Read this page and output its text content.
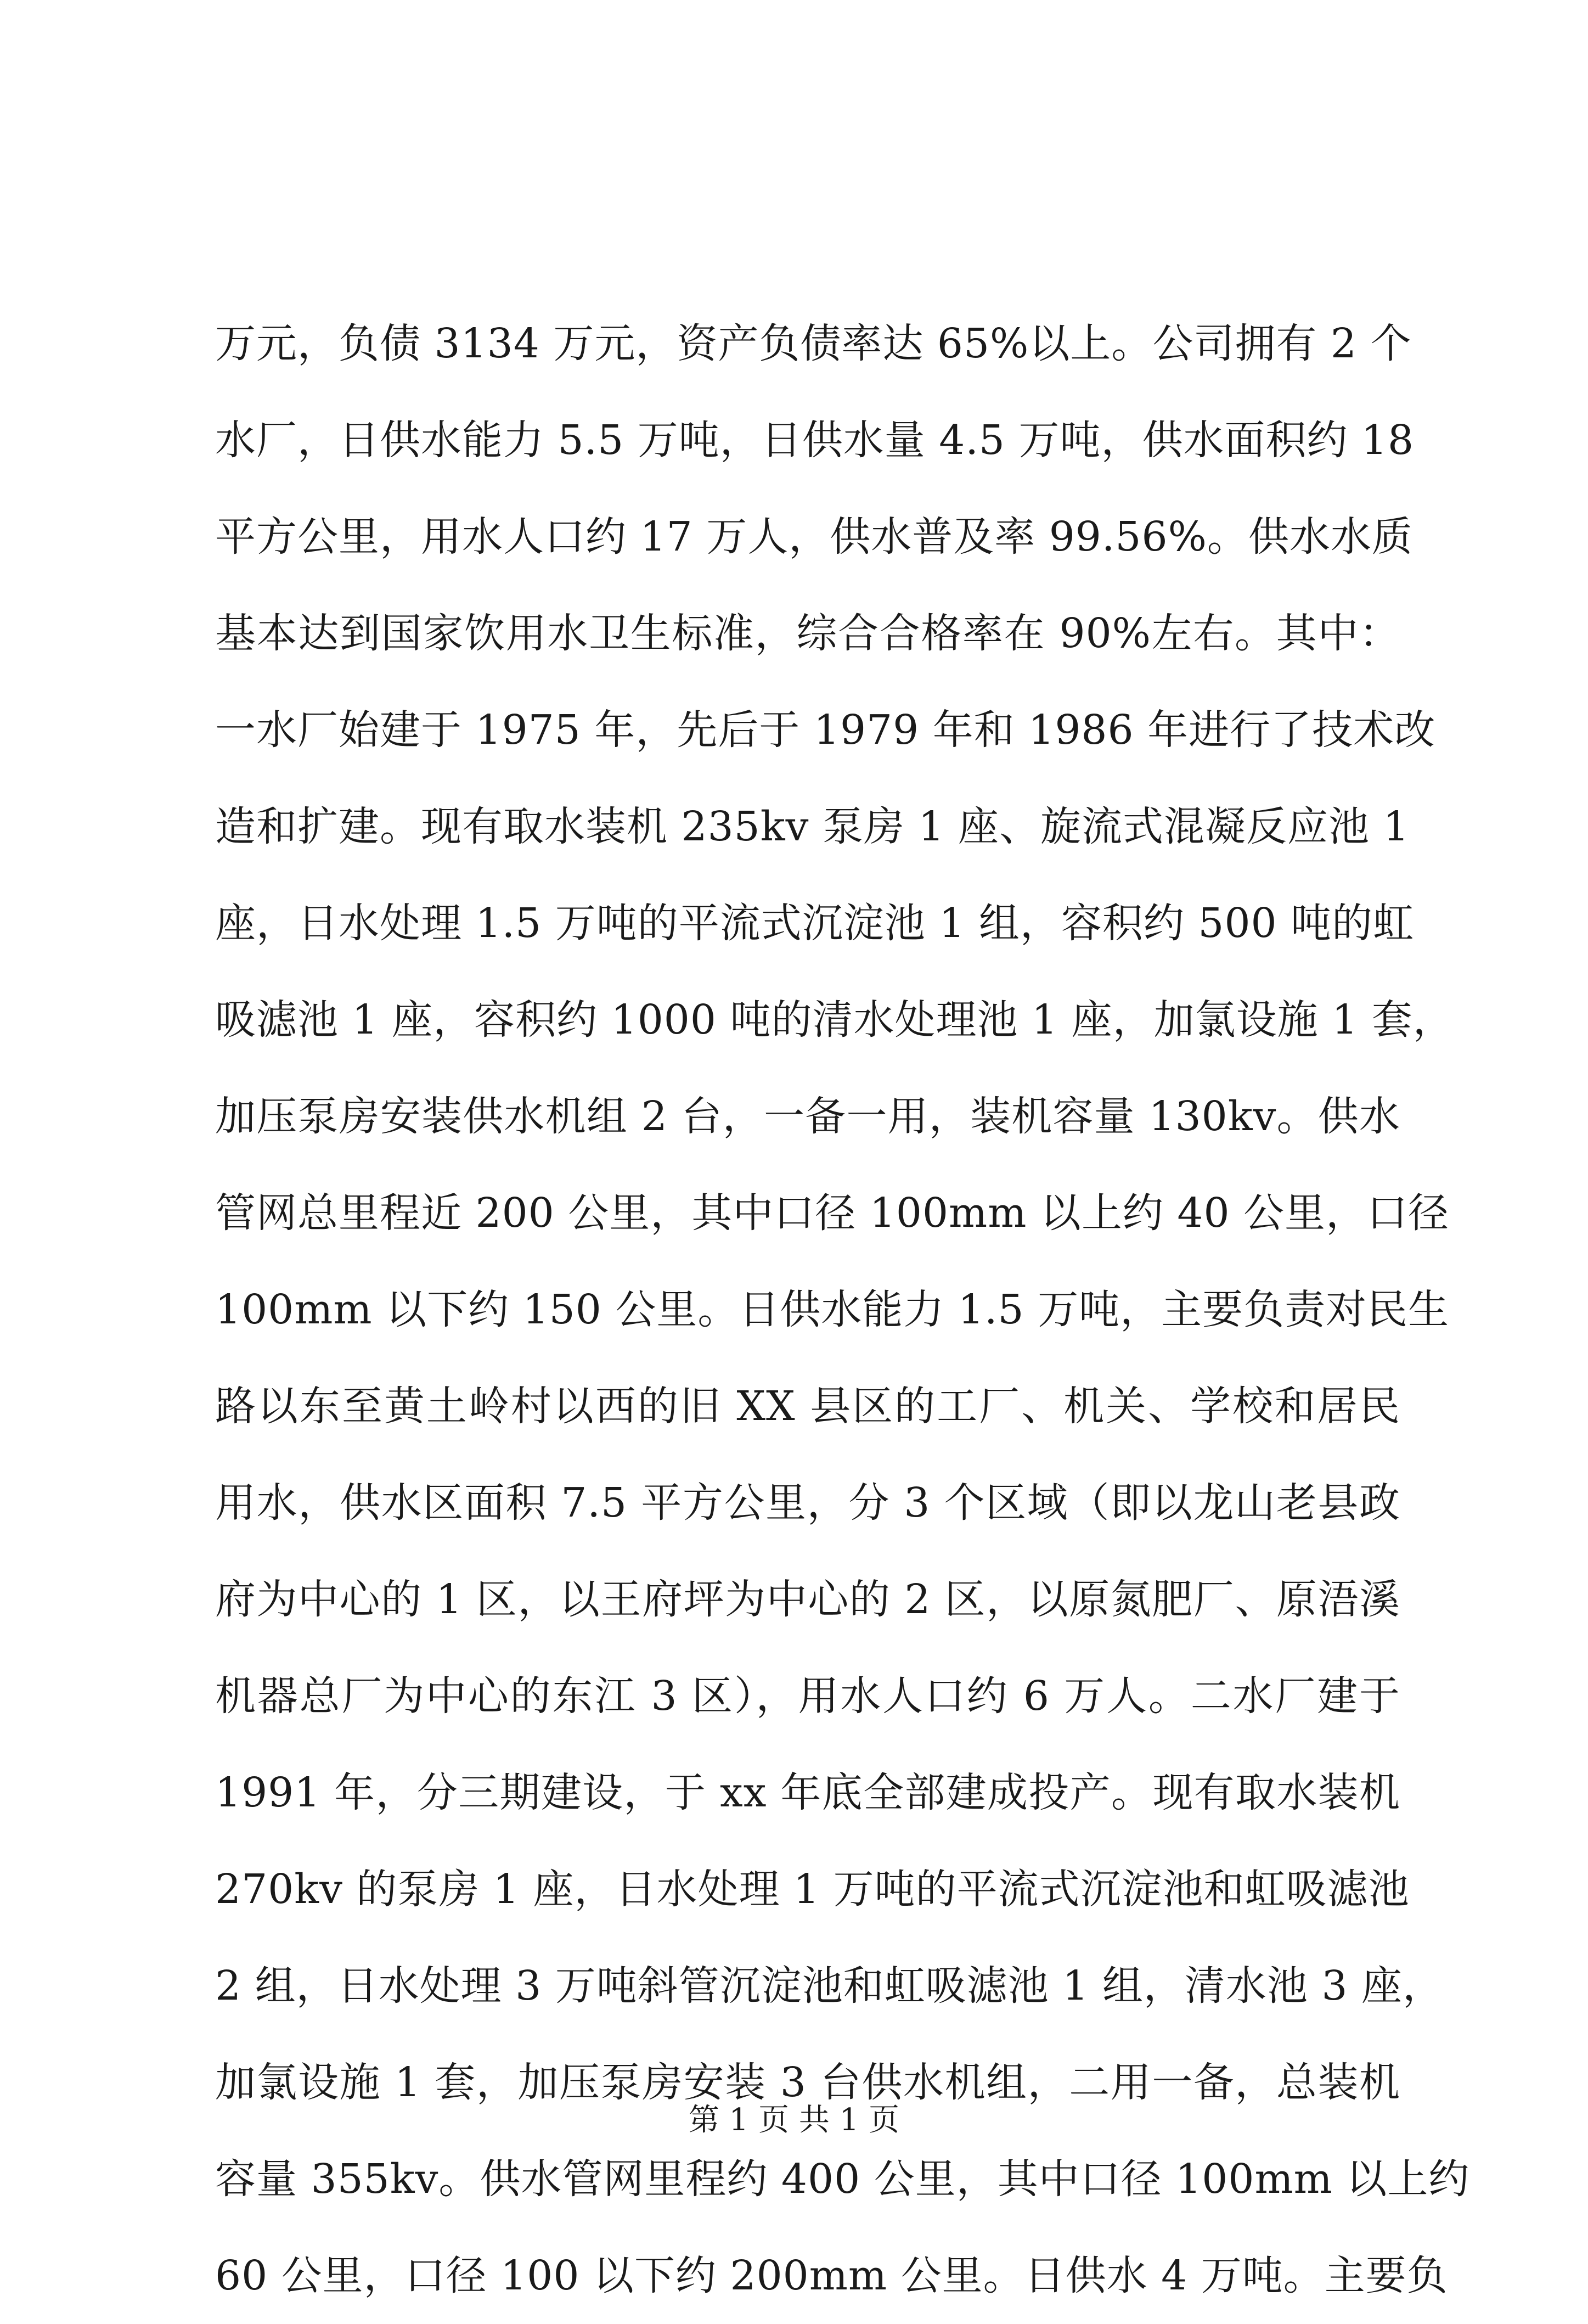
万元，负债 3134 万元，资产负债率达 65%以上。公司拥有 2 个
水厂，日供水能力 5.5 万吨，日供水量 4.5 万吨，供水面积约 18
平方公里，用水人口约 17 万人，供水普及率 99.56%。供水水质
基本达到国家饮用水卫生标准，综合合格率在 90%左右。其中：
一水厂始建于 1975 年，先后于 1979 年和 1986 年进行了技术改
造和扩建。现有取水装机 235kv 泵房 1 座、旋流式混凝反应池 1
座，日水处理 1.5 万吨的平流式沉淀池 1 组，容积约 500 吨的虹
吸滤池 1 座，容积约 1000 吨的清水处理池 1 座，加氯设施 1 套，
加压泵房安装供水机组 2 台，一备一用，装机容量 130kv。供水
管网总里程近 200 公里，其中口径 100mm 以上约 40 公里，口径
100mm 以下约 150 公里。日供水能力 1.5 万吨，主要负责对民生
路以东至黄土岭村以西的旧 XX 县区的工厂、机关、学校和居民
用水，供水区面积 7.5 平方公里，分 3 个区域（即以龙山老县政
府为中心的 1 区，以王府坪为中心的 2 区，以原氮肥厂、原浯溪
机器总厂为中心的东江 3 区），用水人口约 6 万人。二水厂建于
1991 年，分三期建设，于 xx 年底全部建成投产。现有取水装机
270kv 的泵房 1 座，日水处理 1 万吨的平流式沉淀池和虹吸滤池
2 组，日水处理 3 万吨斜管沉淀池和虹吸滤池 1 组，清水池 3 座，
加氯设施 1 套，加压泵房安装 3 台供水机组，二用一备，总装机
容量 355kv。供水管网里程约 400 公里，其中口径 100mm 以上约
60 公里，口径 100 以下约 200mm 公里。日供水 4 万吨。主要负
第 1 页 共 1 页
